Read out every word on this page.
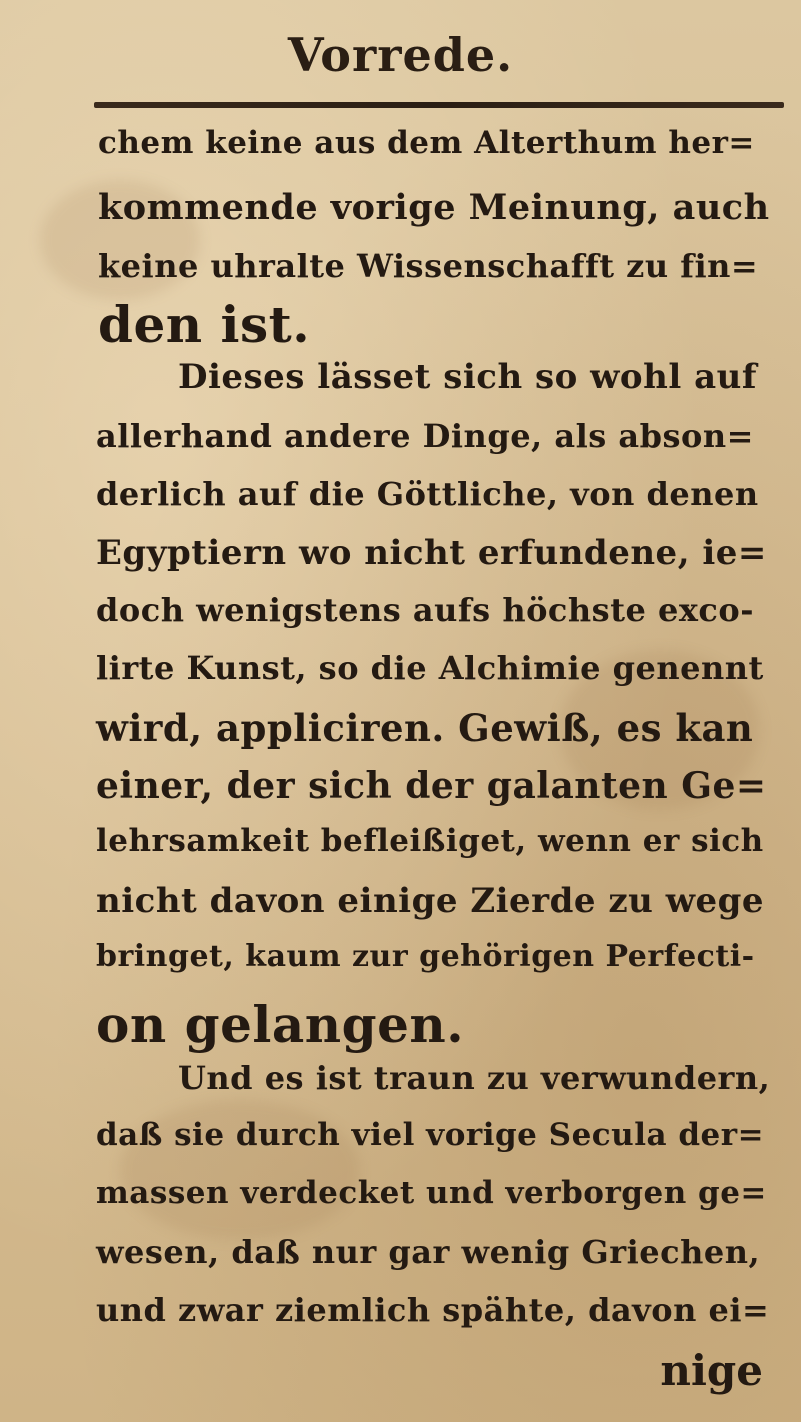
Vorrede.
chem keine aus dem Alterthum her=
kommende vorige Meinung, auch
keine uhralte Wissenschafft zu fin=
den ist.
Dieses lässet sich so wohl auf
allerhand andere Dinge, als abson=
derlich auf die Göttliche, von denen
Egyptiern wo nicht erfundene, ie=
doch wenigstens aufs höchste exco-
lirte Kunst, so die Alchimie genennt
wird, appliciren. Gewiß, es kan
einer, der sich der galanten Ge=
lehrsamkeit befleißiget, wenn er sich
nicht davon einige Zierde zu wege
bringet, kaum zur gehörigen Perfecti-
on gelangen.
Und es ist traun zu verwundern,
daß sie durch viel vorige Secula der=
massen verdecket und verborgen ge=
wesen, daß nur gar wenig Griechen,
und zwar ziemlich spähte, davon ei=
nige
